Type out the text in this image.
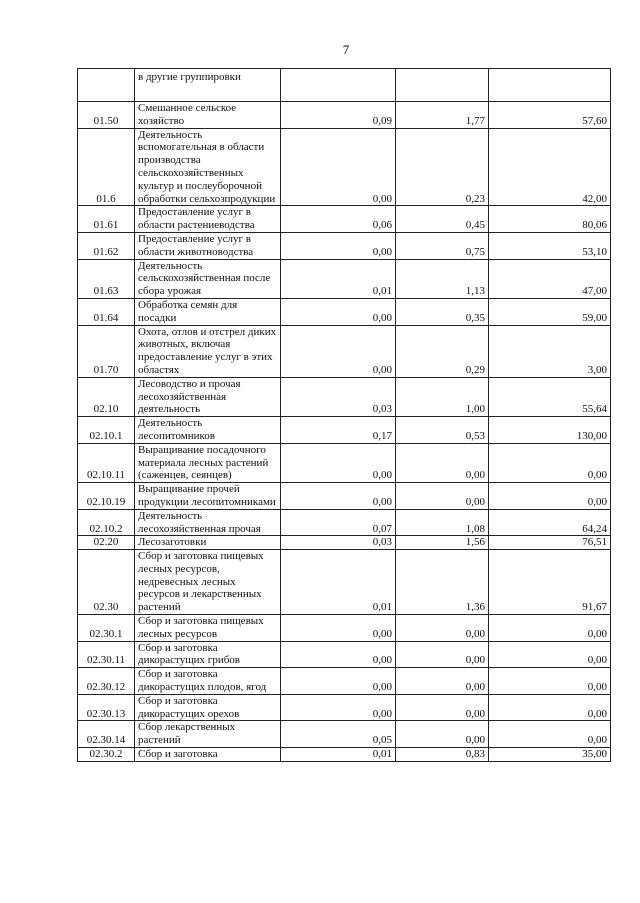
7

	в другие группировки			

01.50	Смешанное сельское хозяйство	0,09	1,77	57,60
01.6	Деятельность вспомогательная в области производства сельскохозяйственных культур и послеуборочной обработки сельхозпродукции	0,00	0,23	42,00
01.61	Предоставление услуг в области растениеводства	0,06	0,45	80,06
01.62	Предоставление услуг в области животноводства	0,00	0,75	53,10
01.63	Деятельность сельскохозяйственная после сбора урожая	0,01	1,13	47,00
01.64	Обработка семян для посадки	0,00	0,35	59,00
01.70	Охота, отлов и отстрел диких животных, включая предоставление услуг в этих областях	0,00	0,29	3,00
02.10	Лесоводство и прочая лесохозяйственная деятельность	0,03	1,00	55,64
02.10.1	Деятельность лесопитомников	0,17	0,53	130,00
02.10.11	Выращивание посадочного материала лесных растений (саженцев, сеянцев)	0,00	0,00	0,00
02.10.19	Выращивание прочей продукции лесопитомниками	0,00	0,00	0,00
02.10.2	Деятельность лесохозяйственная прочая	0,07	1,08	64,24
02.20	Лесозаготовки	0,03	1,56	76,51
02.30	Сбор и заготовка пищевых лесных ресурсов, недревесных лесных ресурсов и лекарственных растений	0,01	1,36	91,67
02.30.1	Сбор и заготовка пищевых лесных ресурсов	0,00	0,00	0,00
02.30.11	Сбор и заготовка дикорастущих грибов	0,00	0,00	0,00
02.30.12	Сбор и заготовка дикорастущих плодов, ягод	0,00	0,00	0,00
02.30.13	Сбор и заготовка дикорастущих орехов	0,00	0,00	0,00
02.30.14	Сбор лекарственных растений	0,05	0,00	0,00
02.30.2	Сбор и заготовка	0,01	0,83	35,00
